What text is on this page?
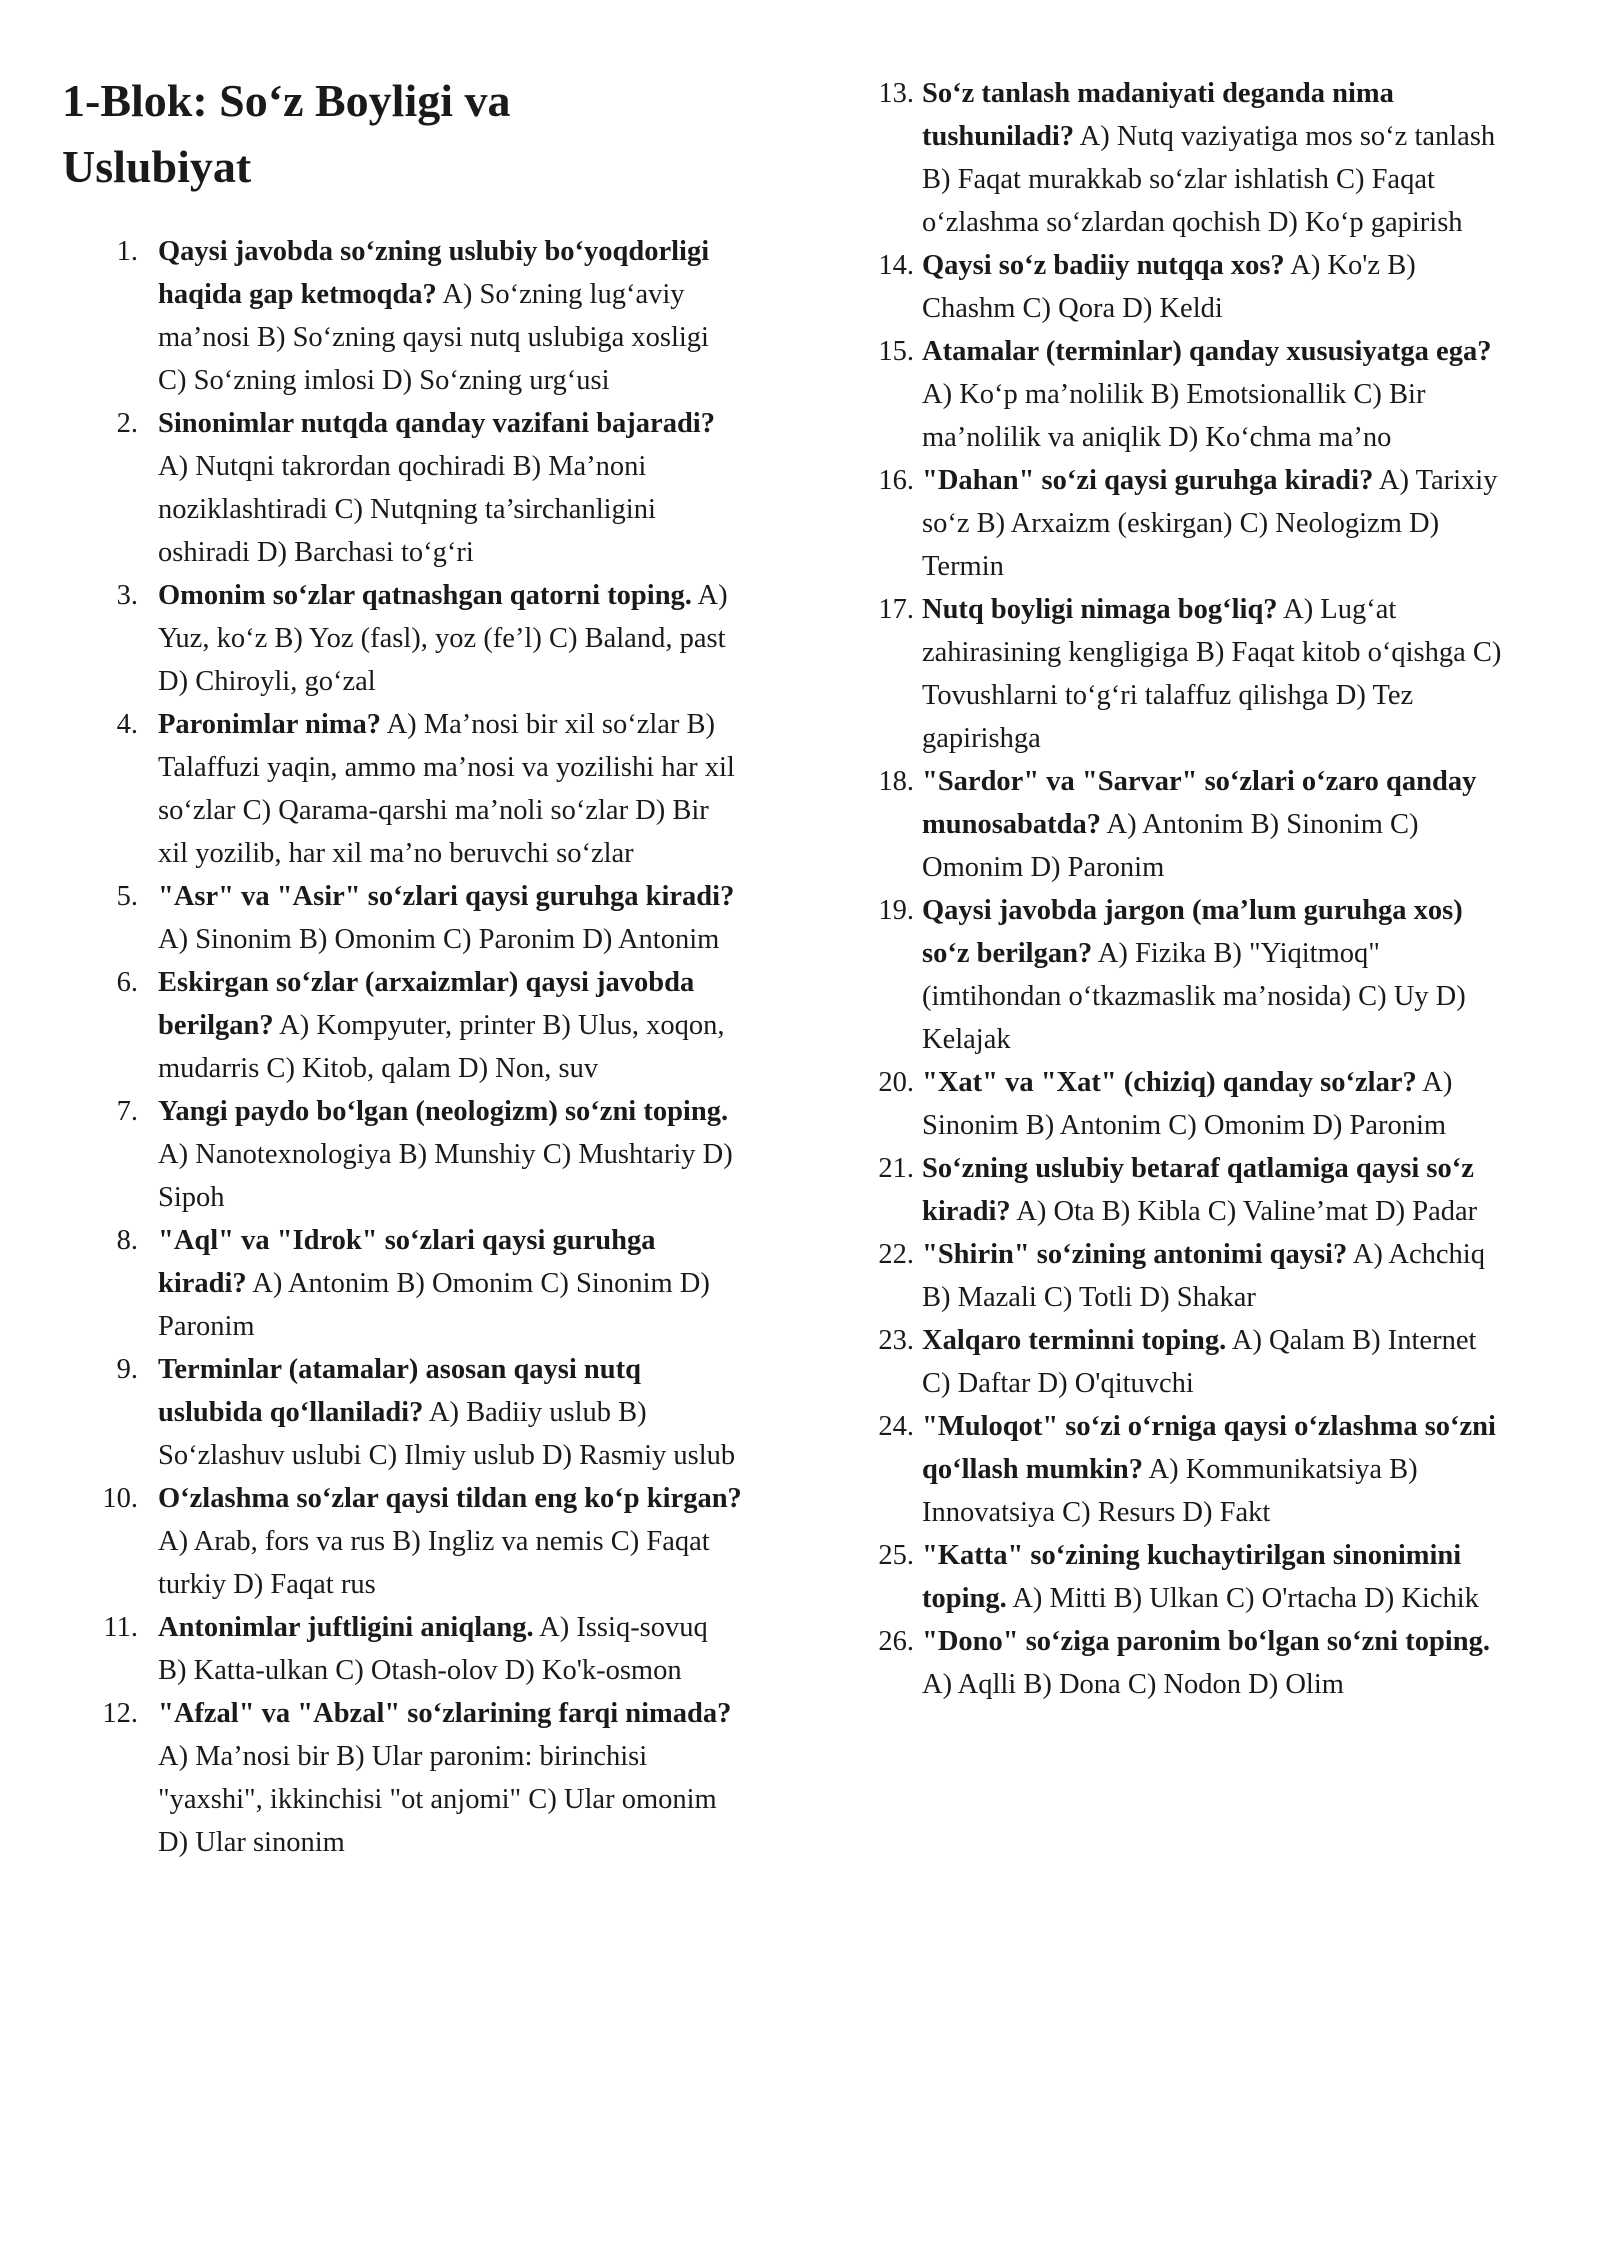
1-Blok: So‘z Boyligi va Uslubiyat
1. Qaysi javobda so‘zning uslubiy bo‘yoqdorligi haqida gap ketmoqda? A) So‘zning lug‘aviy ma’nosi B) So‘zning qaysi nutq uslubiga xosligi C) So‘zning imlosi D) So‘zning urg‘usi
2. Sinonimlar nutqda qanday vazifani bajaradi? A) Nutqni takrordan qochiradi B) Ma’noni noziklashtiradi C) Nutqning ta’sirchanligini oshiradi D) Barchasi to‘g‘ri
3. Omonim so‘zlar qatnashgan qatorni toping. A) Yuz, ko‘z B) Yoz (fasl), yoz (fe’l) C) Baland, past D) Chiroyli, go‘zal
4. Paronimlar nima? A) Ma’nosi bir xil so‘zlar B) Talaffuzi yaqin, ammo ma’nosi va yozilishi har xil so‘zlar C) Qarama-qarshi ma’noli so‘zlar D) Bir xil yozilib, har xil ma’no beruvchi so‘zlar
5. "Asr" va "Asir" so‘zlari qaysi guruhga kiradi? A) Sinonim B) Omonim C) Paronim D) Antonim
6. Eskirgan so‘zlar (arxaizmlar) qaysi javobda berilgan? A) Kompyuter, printer B) Ulus, xoqon, mudarris C) Kitob, qalam D) Non, suv
7. Yangi paydo bo‘lgan (neologizm) so‘zni toping. A) Nanotexnologiya B) Munshiy C) Mushtariy D) Sipoh
8. "Aql" va "Idrok" so‘zlari qaysi guruhga kiradi? A) Antonim B) Omonim C) Sinonim D) Paronim
9. Terminlar (atamalar) asosan qaysi nutq uslubida qo‘llaniladi? A) Badiiy uslub B) So‘zlashuv uslubi C) Ilmiy uslub D) Rasmiy uslub
10. O‘zlashma so‘zlar qaysi tildan eng ko‘p kirgan? A) Arab, fors va rus B) Ingliz va nemis C) Faqat turkiy D) Faqat rus
11. Antonimlar juftligini aniqlang. A) Issiq-sovuq B) Katta-ulkan C) Otash-olov D) Ko'k-osmon
12. "Afzal" va "Abzal" so‘zlarining farqi nimada? A) Ma’nosi bir B) Ular paronim: birinchisi "yaxshi", ikkinchisi "ot anjomi" C) Ular omonim D) Ular sinonim
13. So‘z tanlash madaniyati deganda nima tushuniladi? A) Nutq vaziyatiga mos so‘z tanlash B) Faqat murakkab so‘zlar ishlatish C) Faqat o‘zlashma so‘zlardan qochish D) Ko‘p gapirish
14. Qaysi so‘z badiiy nutqqa xos? A) Ko'z B) Chashm C) Qora D) Keldi
15. Atamalar (terminlar) qanday xususiyatga ega? A) Ko‘p ma’nolilik B) Emotsionallik C) Bir ma’nolilik va aniqlik D) Ko‘chma ma’no
16. "Dahan" so‘zi qaysi guruhga kiradi? A) Tarixiy so‘z B) Arxaizm (eskirgan) C) Neologizm D) Termin
17. Nutq boyligi nimaga bog‘liq? A) Lug‘at zahirasining kengligiga B) Faqat kitob o‘qishga C) Tovushlarni to‘g‘ri talaffuz qilishga D) Tez gapirishga
18. "Sardor" va "Sarvar" so‘zlari o‘zaro qanday munosabatda? A) Antonim B) Sinonim C) Omonim D) Paronim
19. Qaysi javobda jargon (ma’lum guruhga xos) so‘z berilgan? A) Fizika B) "Yiqitmoq" (imtihondan o‘tkazmaslik ma’nosida) C) Uy D) Kelajak
20. "Xat" va "Xat" (chiziq) qanday so‘zlar? A) Sinonim B) Antonim C) Omonim D) Paronim
21. So‘zning uslubiy betaraf qatlamiga qaysi so‘z kiradi? A) Ota B) Kibla C) Valine’mat D) Padar
22. "Shirin" so‘zining antonimi qaysi? A) Achchiq B) Mazali C) Totli D) Shakar
23. Xalqaro terminni toping. A) Qalam B) Internet C) Daftar D) O'qituvchi
24. "Muloqot" so‘zi o‘rniga qaysi o‘zlashma so‘zni qo‘llash mumkin? A) Kommunikatsiya B) Innovatsiya C) Resurs D) Fakt
25. "Katta" so‘zining kuchaytirilgan sinonimini toping. A) Mitti B) Ulkan C) O'rtacha D) Kichik
26. "Dono" so‘ziga paronim bo‘lgan so‘zni toping. A) Aqlli B) Dona C) Nodon D) Olim
